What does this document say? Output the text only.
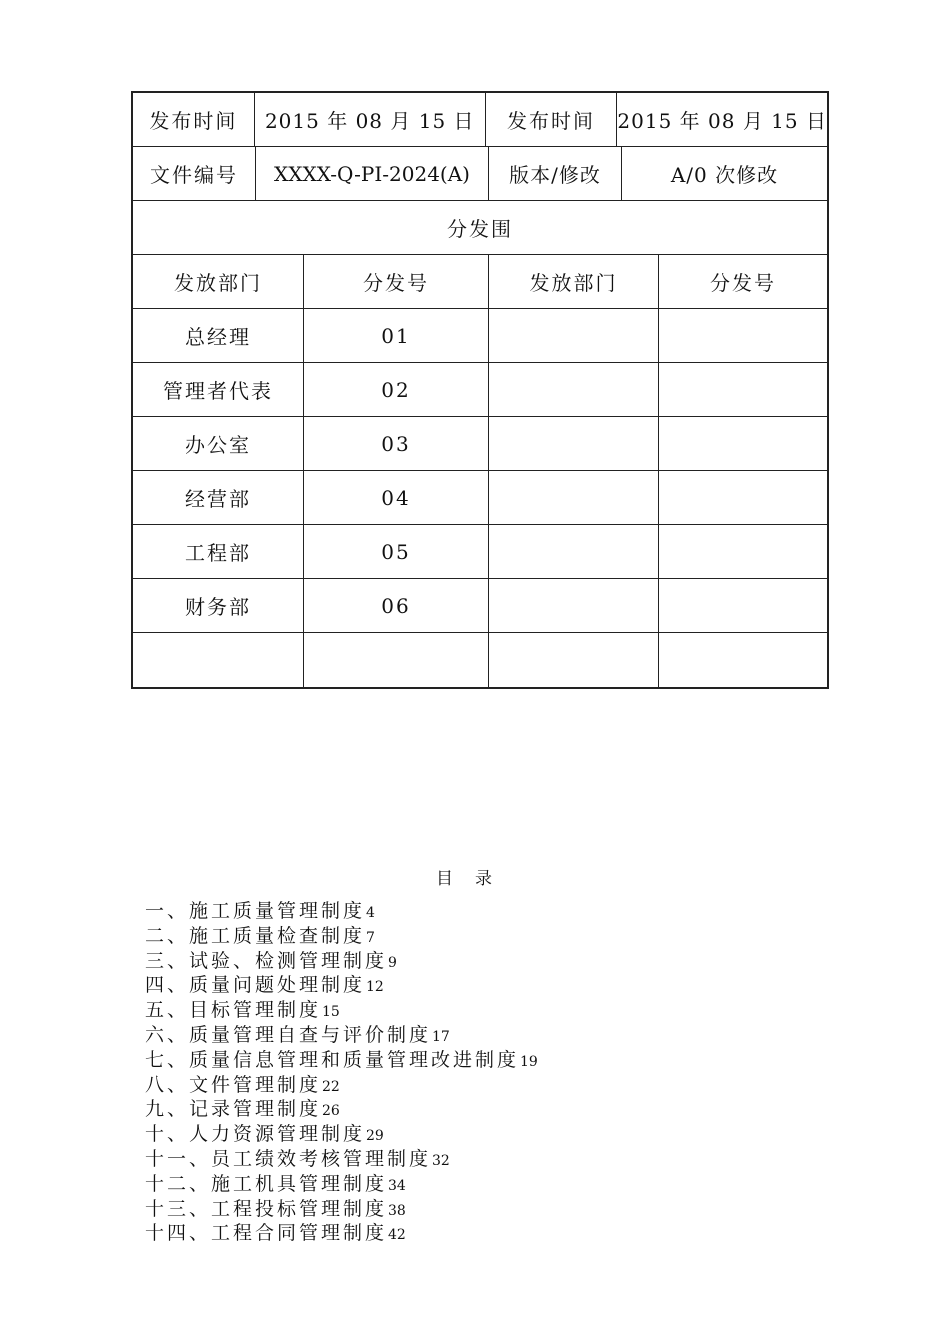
发布时间	2015 年 08 月 15 日	发布时间	2015 年 08 月 15 日
文件编号	XXXX-Q-PI-2024(A)	版本/修改	A/0 次修改
分发围
发放部门	分发号	发放部门	分发号
总经理	01
管理者代表	02
办公室	03
经营部	04
工程部	05
财务部	06
目录
一、施工质量管理制度4
二、施工质量检查制度7
三、试验、检测管理制度9
四、质量问题处理制度12
五、目标管理制度15
六、质量管理自查与评价制度17
七、质量信息管理和质量管理改进制度19
八、文件管理制度22
九、记录管理制度26
十、人力资源管理制度29
十一、员工绩效考核管理制度32
十二、施工机具管理制度34
十三、工程投标管理制度38
十四、工程合同管理制度42
